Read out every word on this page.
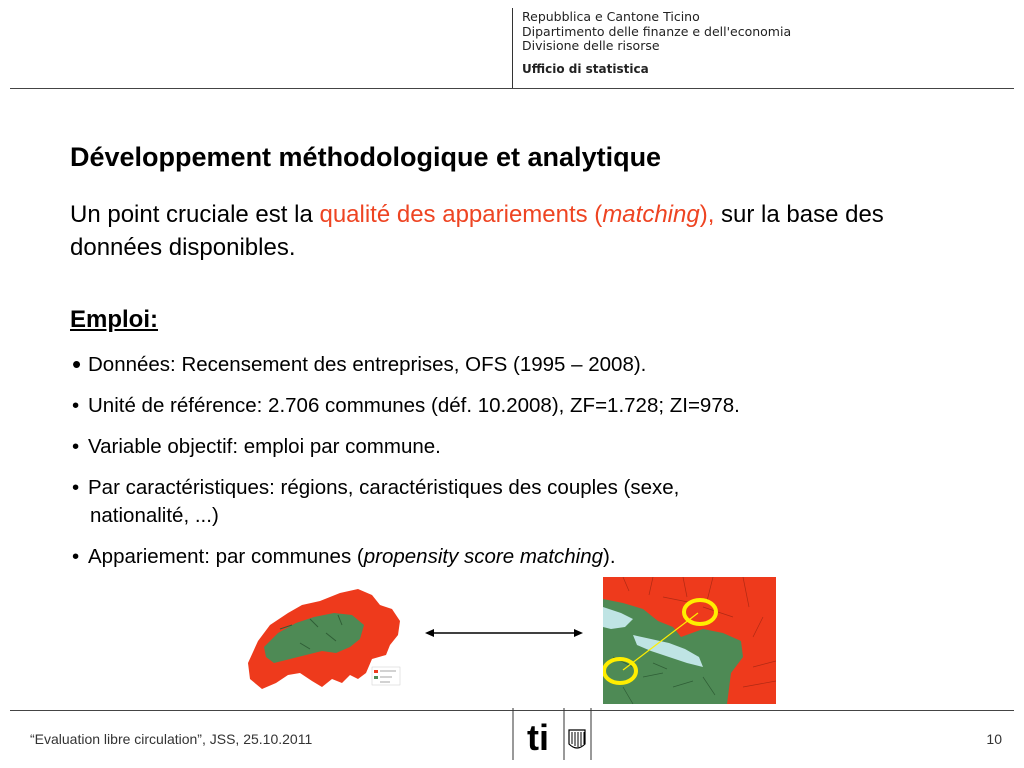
Repubblica e Cantone Ticino
Dipartimento delle finanze e dell'economia
Divisione delle risorse
Ufficio di statistica
Développement méthodologique et analytique
Un point cruciale est la qualité des appariements (matching), sur la base des données disponibles.
Emploi:
• Données: Recensement des entreprises, OFS (1995 – 2008).
• Unité de référence: 2.706 communes (déf. 10.2008), ZF=1.728; ZI=978.
• Variable objectif: emploi par commune.
• Par caractéristiques: régions, caractéristiques des couples (sexe,
nationalité, ...)
• Appariement: par communes (propensity score matching).
“Evaluation libre circulation”, JSS, 25.10.2011	ti	10
